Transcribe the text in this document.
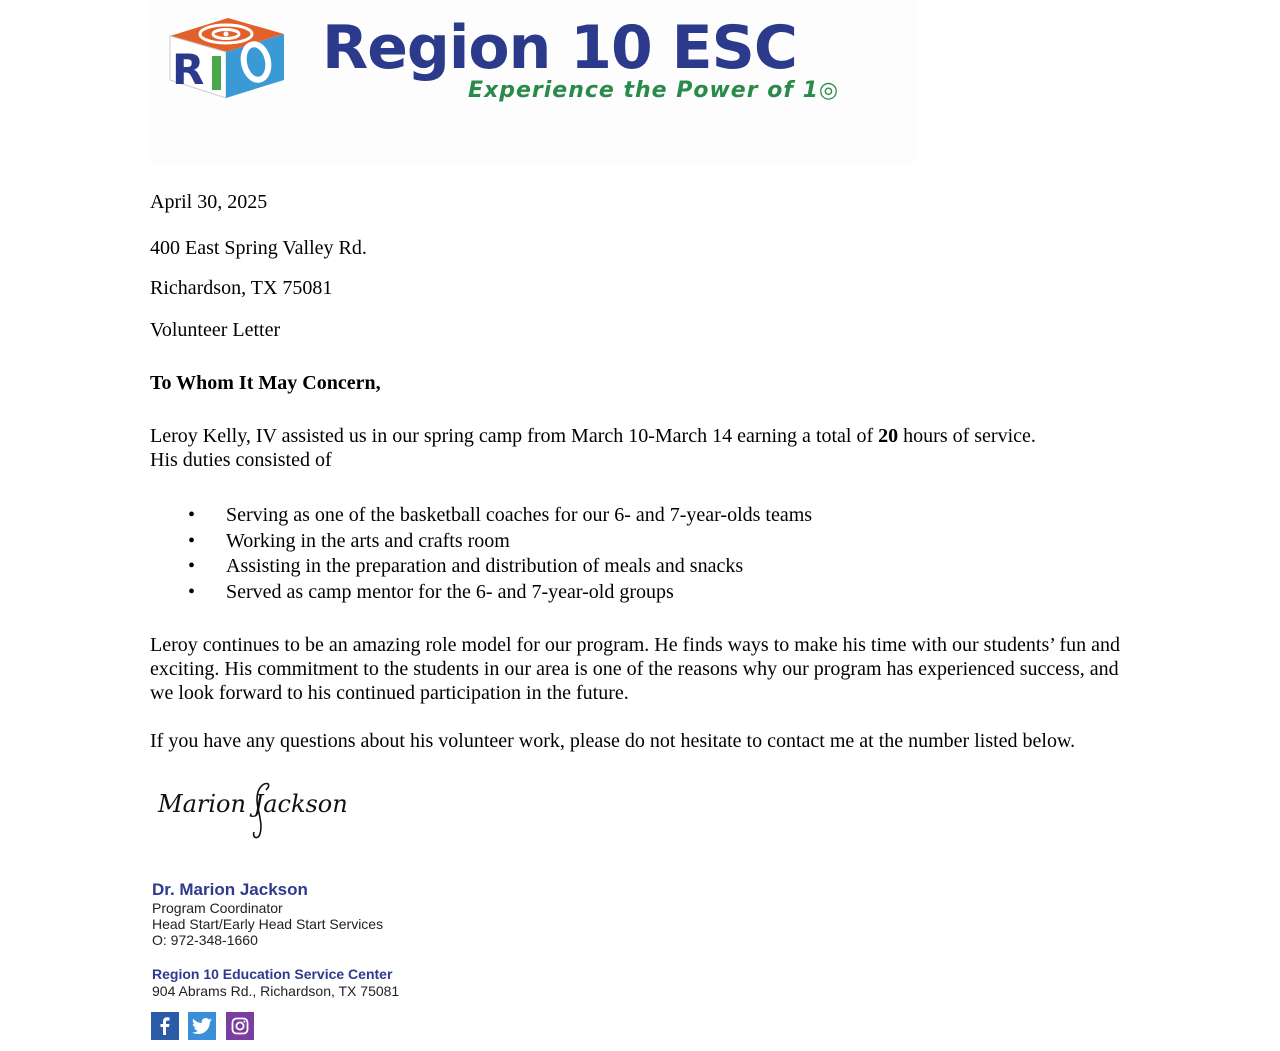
R Region 10 ESC
Experience the Power of 1◎
April 30, 2025
400 East Spring Valley Rd.
Richardson, TX 75081
Volunteer Letter
To Whom It May Concern,
Leroy Kelly, IV assisted us in our spring camp from March 10-March 14 earning a total of 20 hours of service.
His duties consisted of
• Serving as one of the basketball coaches for our 6- and 7-year-olds teams
• Working in the arts and crafts room
• Assisting in the preparation and distribution of meals and snacks
• Served as camp mentor for the 6- and 7-year-old groups
Leroy continues to be an amazing role model for our program. He finds ways to make his time with our students’ fun and exciting. His commitment to the students in our area is one of the reasons why our program has experienced success, and we look forward to his continued participation in the future.
If you have any questions about his volunteer work, please do not hesitate to contact me at the number listed below.
Marion Jackson
Dr. Marion Jackson
Program Coordinator
Head Start/Early Head Start Services
O: 972-348-1660
Region 10 Education Service Center
904 Abrams Rd., Richardson, TX 75081
